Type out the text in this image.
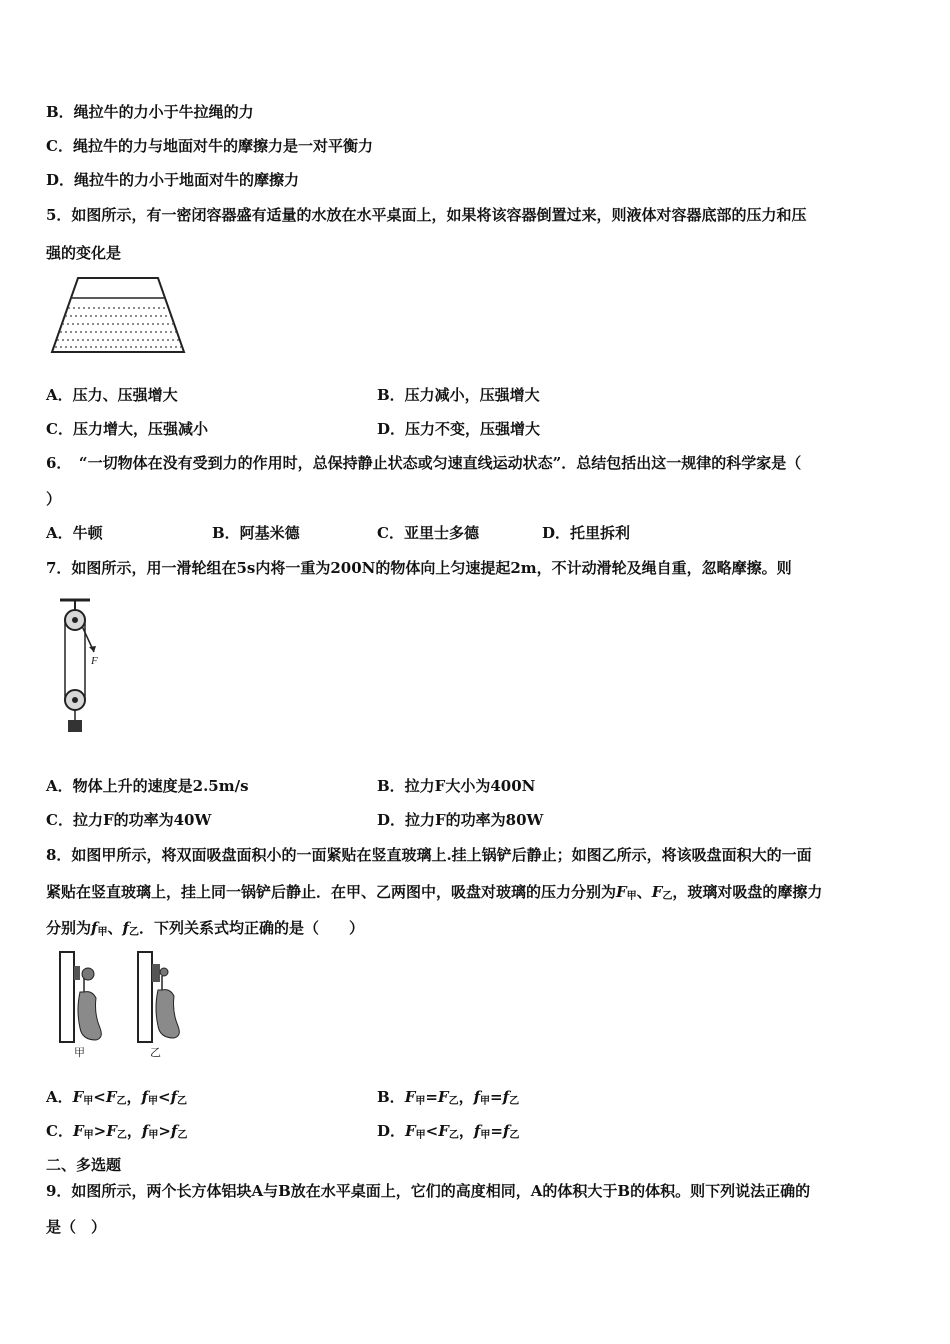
B．绳拉牛的力小于牛拉绳的力
C．绳拉牛的力与地面对牛的摩擦力是一对平衡力
D．绳拉牛的力小于地面对牛的摩擦力
5．如图所示，有一密闭容器盛有适量的水放在水平桌面上，如果将该容器倒置过来，则液体对容器底部的压力和压
强的变化是
A．压力、压强增大	B．压力减小，压强增大
C．压力增大，压强减小	D．压力不变，压强增大
6．　“一切物体在没有受到力的作用时，总保持静止状态或匀速直线运动状态”．总结包括出这一规律的科学家是（
）
A．牛顿	B．阿基米德	C．亚里士多德	D．托里拆利
7．如图所示，用一滑轮组在5s内将一重为200N的物体向上匀速提起2m，不计动滑轮及绳自重，忽略摩擦。则
F
A．物体上升的速度是2.5m/s	B．拉力F大小为400N
C．拉力F的功率为40W	D．拉力F的功率为80W
8．如图甲所示，将双面吸盘面积小的一面紧贴在竖直玻璃上.挂上锅铲后静止；如图乙所示，将该吸盘面积大的一面
紧贴在竖直玻璃上，挂上同一锅铲后静止．在甲、乙两图中，吸盘对玻璃的压力分别为$F_甲$、$F_乙$，玻璃对吸盘的摩擦力
分别为$f_甲$、$f_乙$．下列关系式均正确的是（　　）
甲	乙
A．$F_甲<F_乙$，$f_甲<f_乙$	B．$F_甲=F_乙$，$f_甲=f_乙$
C．$F_甲>F_乙$，$f_甲>f_乙$	D．$F_甲<F_乙$，$f_甲=f_乙$
二、多选题
9．如图所示，两个长方体铝块A与B放在水平桌面上，它们的高度相同，A的体积大于B的体积。则下列说法正确的
是（　）
